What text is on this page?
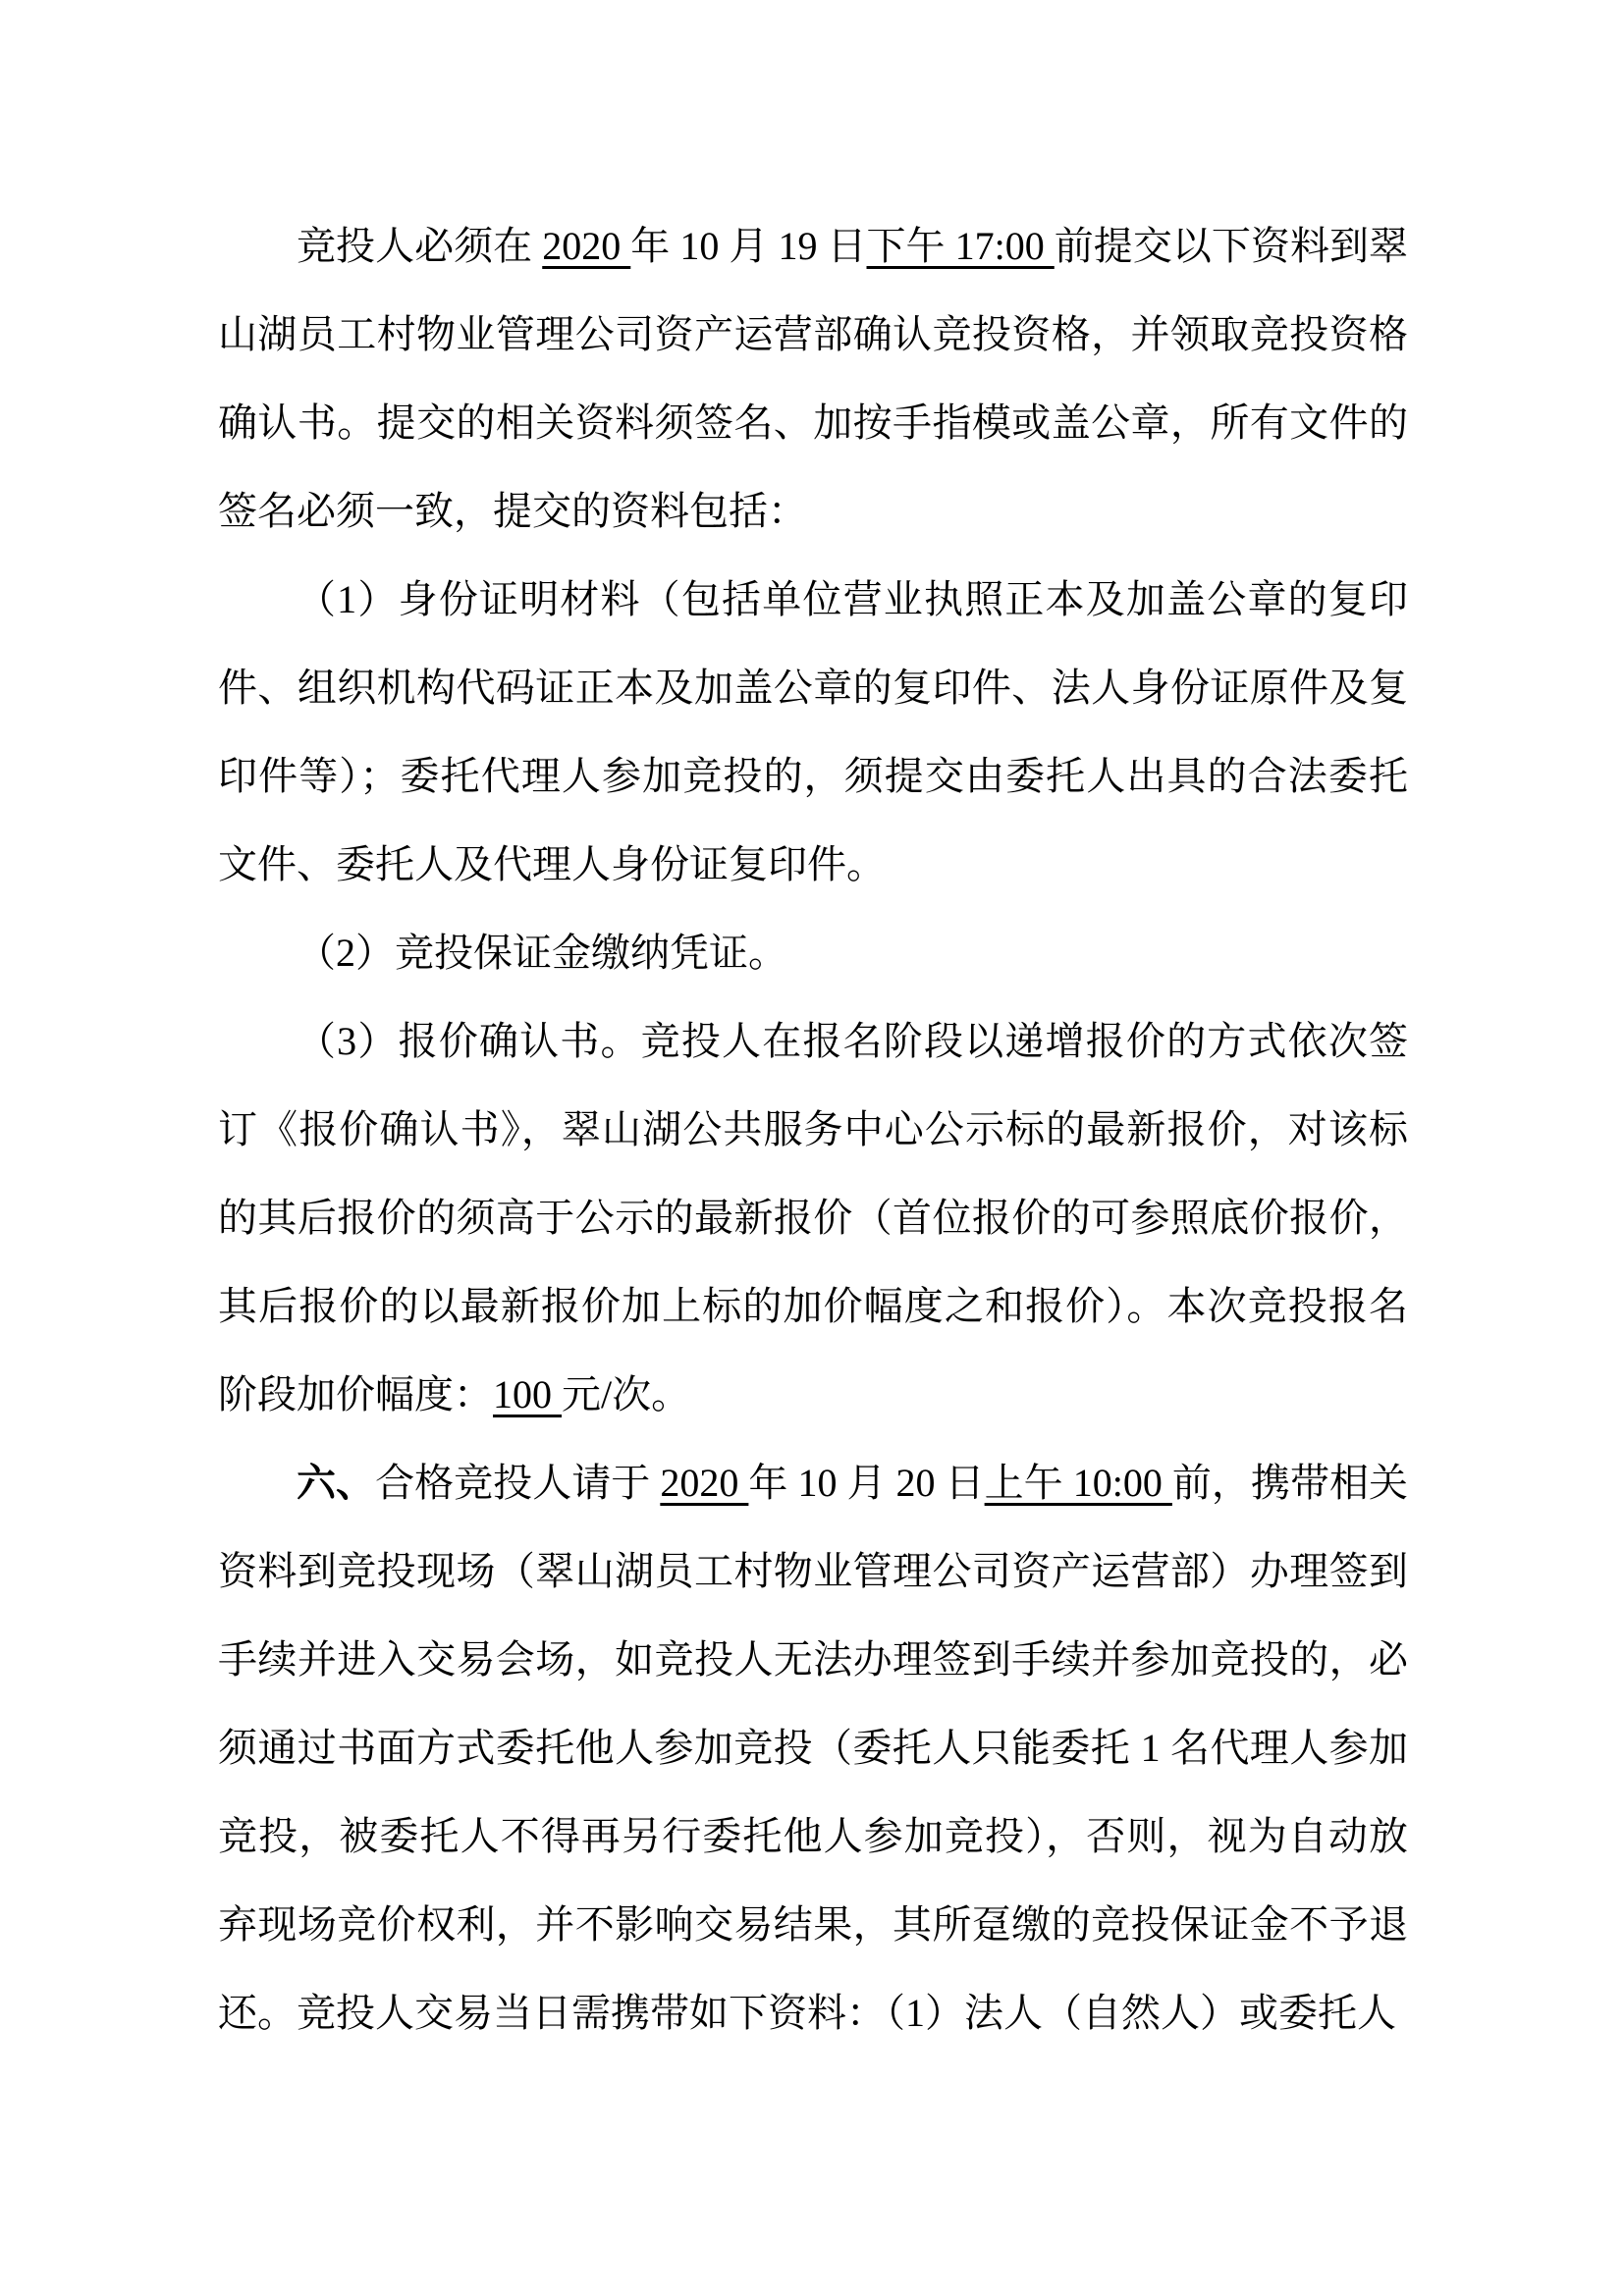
竞投人必须在 2020 年 10 月 19 日下午 17:00 前提交以下资料到翠山湖员工村物业管理公司资产运营部确认竞投资格，并领取竞投资格确认书。提交的相关资料须签名、加按手指模或盖公章，所有文件的签名必须一致，提交的资料包括：

（1）身份证明材料（包括单位营业执照正本及加盖公章的复印件、组织机构代码证正本及加盖公章的复印件、法人身份证原件及复印件等）；委托代理人参加竞投的，须提交由委托人出具的合法委托文件、委托人及代理人身份证复印件。

（2）竞投保证金缴纳凭证。

（3）报价确认书。竞投人在报名阶段以递增报价的方式依次签订《报价确认书》，翠山湖公共服务中心公示标的最新报价，对该标的其后报价的须高于公示的最新报价（首位报价的可参照底价报价，其后报价的以最新报价加上标的加价幅度之和报价）。本次竞投报名阶段加价幅度：100 元/次。

六、合格竞投人请于 2020 年 10 月 20 日上午 10:00 前，携带相关资料到竞投现场（翠山湖员工村物业管理公司资产运营部）办理签到手续并进入交易会场，如竞投人无法办理签到手续并参加竞投的，必须通过书面方式委托他人参加竞投（委托人只能委托 1 名代理人参加竞投，被委托人不得再另行委托他人参加竞投），否则，视为自动放弃现场竞价权利，并不影响交易结果，其所趸缴的竞投保证金不予退还。竞投人交易当日需携带如下资料：（1）法人（自然人）或委托人
